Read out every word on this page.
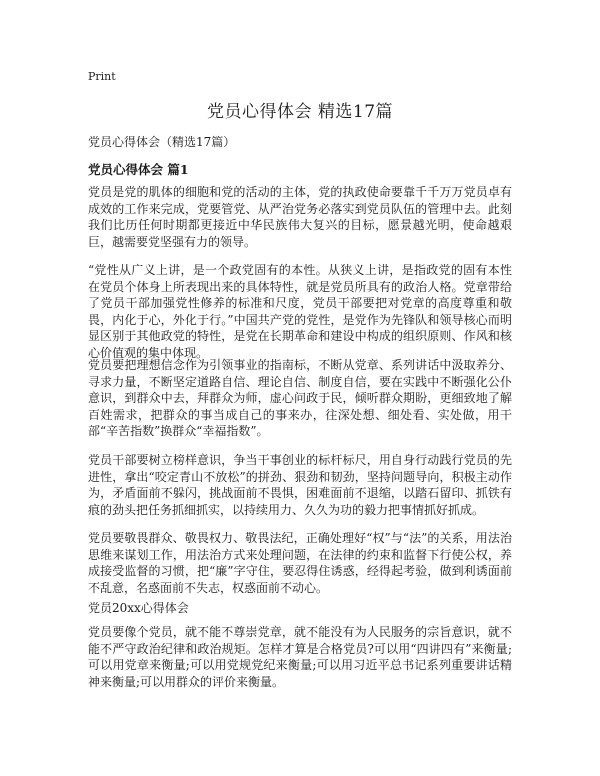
Print
党员心得体会 精选17篇
党员心得体会（精选17篇）
党员心得体会 篇1

党员是党的肌体的细胞和党的活动的主体，党的执政使命要靠千千万万党员卓有成效的工作来完成，党要管党、从严治党务必落实到党员队伍的管理中去。此刻我们比历任何时期都更接近中华民族伟大复兴的目标，愿景越光明，使命越艰巨，越需要党坚强有力的领导。

“党性从广义上讲，是一个政党固有的本性。从狭义上讲，是指政党的固有本性在党员个体身上所表现出来的具体特性，就是党员所具有的政治人格。党章带给了党员干部加强党性修养的标准和尺度，党员干部要把对党章的高度尊重和敬畏，内化于心，外化于行。”中国共产党的党性，是党作为先锋队和领导核心而明显区别于其他政党的特性，是党在长期革命和建设中构成的组织原则、作风和核心价值观的集中体现。

党员要把理想信念作为引领事业的指南标，不断从党章、系列讲话中汲取养分、寻求力量，不断坚定道路自信、理论自信、制度自信，要在实践中不断强化公仆意识，到群众中去，拜群众为师，虚心问政于民，倾听群众期盼，更细致地了解百姓需求，把群众的事当成自己的事来办，往深处想、细处看、实处做，用干部“辛苦指数”换群众“幸福指数”。

党员干部要树立榜样意识，争当干事创业的标杆标尺，用自身行动践行党员的先进性，拿出“咬定青山不放松”的拼劲、狠劲和韧劲，坚持问题导向，积极主动作为，矛盾面前不躲闪，挑战面前不畏惧，困难面前不退缩，以踏石留印、抓铁有痕的劲头把任务抓细抓实，以持续用力、久久为功的毅力把事情抓好抓成。

党员要敬畏群众、敬畏权力、敬畏法纪，正确处理好“权”与“法”的关系，用法治思维来谋划工作，用法治方式来处理问题，在法律的约束和监督下行使公权，养成接受监督的习惯，把“廉”字守住，要忍得住诱惑，经得起考验，做到利诱面前不乱意，名惑面前不失志，权惑面前不动心。

党员20xx心得体会

党员要像个党员，就不能不尊崇党章，就不能没有为人民服务的宗旨意识，就不能不严守政治纪律和政治规矩。怎样才算是合格党员?可以用“四讲四有”来衡量;可以用党章来衡量;可以用党规党纪来衡量;可以用习近平总书记系列重要讲话精神来衡量;可以用群众的评价来衡量。
